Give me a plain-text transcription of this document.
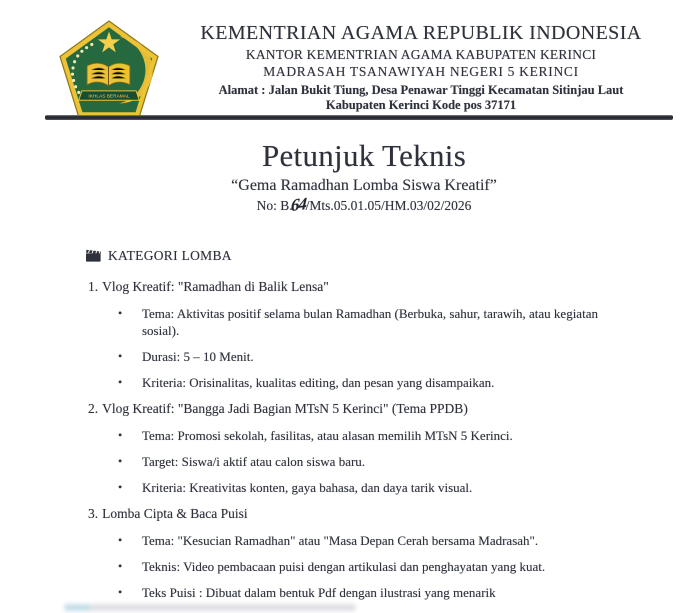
IKHLAS BERAMAL
KEMENTRIAN AGAMA REPUBLIK INDONESIA
KANTOR KEMENTRIAN AGAMA KABUPATEN KERINCI
MADRASAH TSANAWIYAH NEGERI 5 KERINCI
Alamat : Jalan Bukit Tiung, Desa Penawar Tinggi Kecamatan Sitinjau Laut
Kabupaten Kerinci Kode pos 37171
Petunjuk Teknis
“Gema Ramadhan Lomba Siswa Kreatif”
No: B.64/Mts.05.01.05/HM.03/02/2026
KATEGORI LOMBA
1. Vlog Kreatif: "Ramadhan di Balik Lensa"
•	Tema: Aktivitas positif selama bulan Ramadhan (Berbuka, sahur, tarawih, atau kegiatan sosial).
•	Durasi: 5 – 10 Menit.
•	Kriteria: Orisinalitas, kualitas editing, dan pesan yang disampaikan.
2. Vlog Kreatif: "Bangga Jadi Bagian MTsN 5 Kerinci" (Tema PPDB)
•	Tema: Promosi sekolah, fasilitas, atau alasan memilih MTsN 5 Kerinci.
•	Target: Siswa/i aktif atau calon siswa baru.
•	Kriteria: Kreativitas konten, gaya bahasa, dan daya tarik visual.
3. Lomba Cipta & Baca Puisi
•	Tema: "Kesucian Ramadhan" atau "Masa Depan Cerah bersama Madrasah".
•	Teknis: Video pembacaan puisi dengan artikulasi dan penghayatan yang kuat.
•	Teks Puisi : Dibuat dalam bentuk Pdf dengan ilustrasi yang menarik
